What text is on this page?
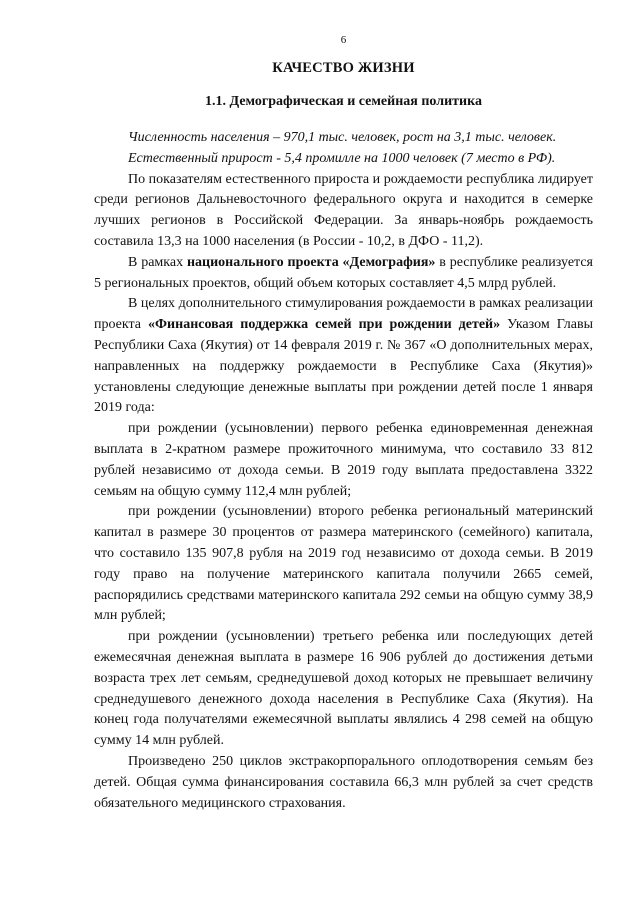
6
КАЧЕСТВО ЖИЗНИ
1.1. Демографическая и семейная политика

Численность населения – 970,1 тыс. человек, рост на 3,1 тыс. человек.

Естественный прирост - 5,4 промилле на 1000 человек (7 место в РФ).

По показателям естественного прироста и рождаемости республика лидирует среди регионов Дальневосточного федерального округа и находится в семерке лучших регионов в Российской Федерации. За январь-ноябрь рождаемость составила 13,3 на 1000 населения (в России - 10,2, в ДФО - 11,2).

В рамках национального проекта «Демография» в республике реализуется 5 региональных проектов, общий объем которых составляет 4,5 млрд рублей.

В целях дополнительного стимулирования рождаемости в рамках реализации проекта «Финансовая поддержка семей при рождении детей» Указом Главы Республики Саха (Якутия) от 14 февраля 2019 г. № 367 «О дополнительных мерах, направленных на поддержку рождаемости в Республике Саха (Якутия)» установлены следующие денежные выплаты при рождении детей после 1 января 2019 года:

при рождении (усыновлении) первого ребенка единовременная денежная выплата в 2-кратном размере прожиточного минимума, что составило 33 812 рублей независимо от дохода семьи. В 2019 году выплата предоставлена 3322 семьям на общую сумму 112,4 млн рублей;

при рождении (усыновлении) второго ребенка региональный материнский капитал в размере 30 процентов от размера материнского (семейного) капитала, что составило 135 907,8 рубля на 2019 год независимо от дохода семьи. В 2019 году право на получение материнского капитала получили 2665 семей, распорядились средствами материнского капитала 292 семьи на общую сумму 38,9 млн рублей;

при рождении (усыновлении) третьего ребенка или последующих детей ежемесячная денежная выплата в размере 16 906 рублей до достижения детьми возраста трех лет семьям, среднедушевой доход которых не превышает величину среднедушевого денежного дохода населения в Республике Саха (Якутия). На конец года получателями ежемесячной выплаты являлись 4 298 семей на общую сумму 14 млн рублей.

Произведено 250 циклов экстракорпорального оплодотворения семьям без детей. Общая сумма финансирования составила 66,3 млн рублей за счет средств обязательного медицинского страхования.
